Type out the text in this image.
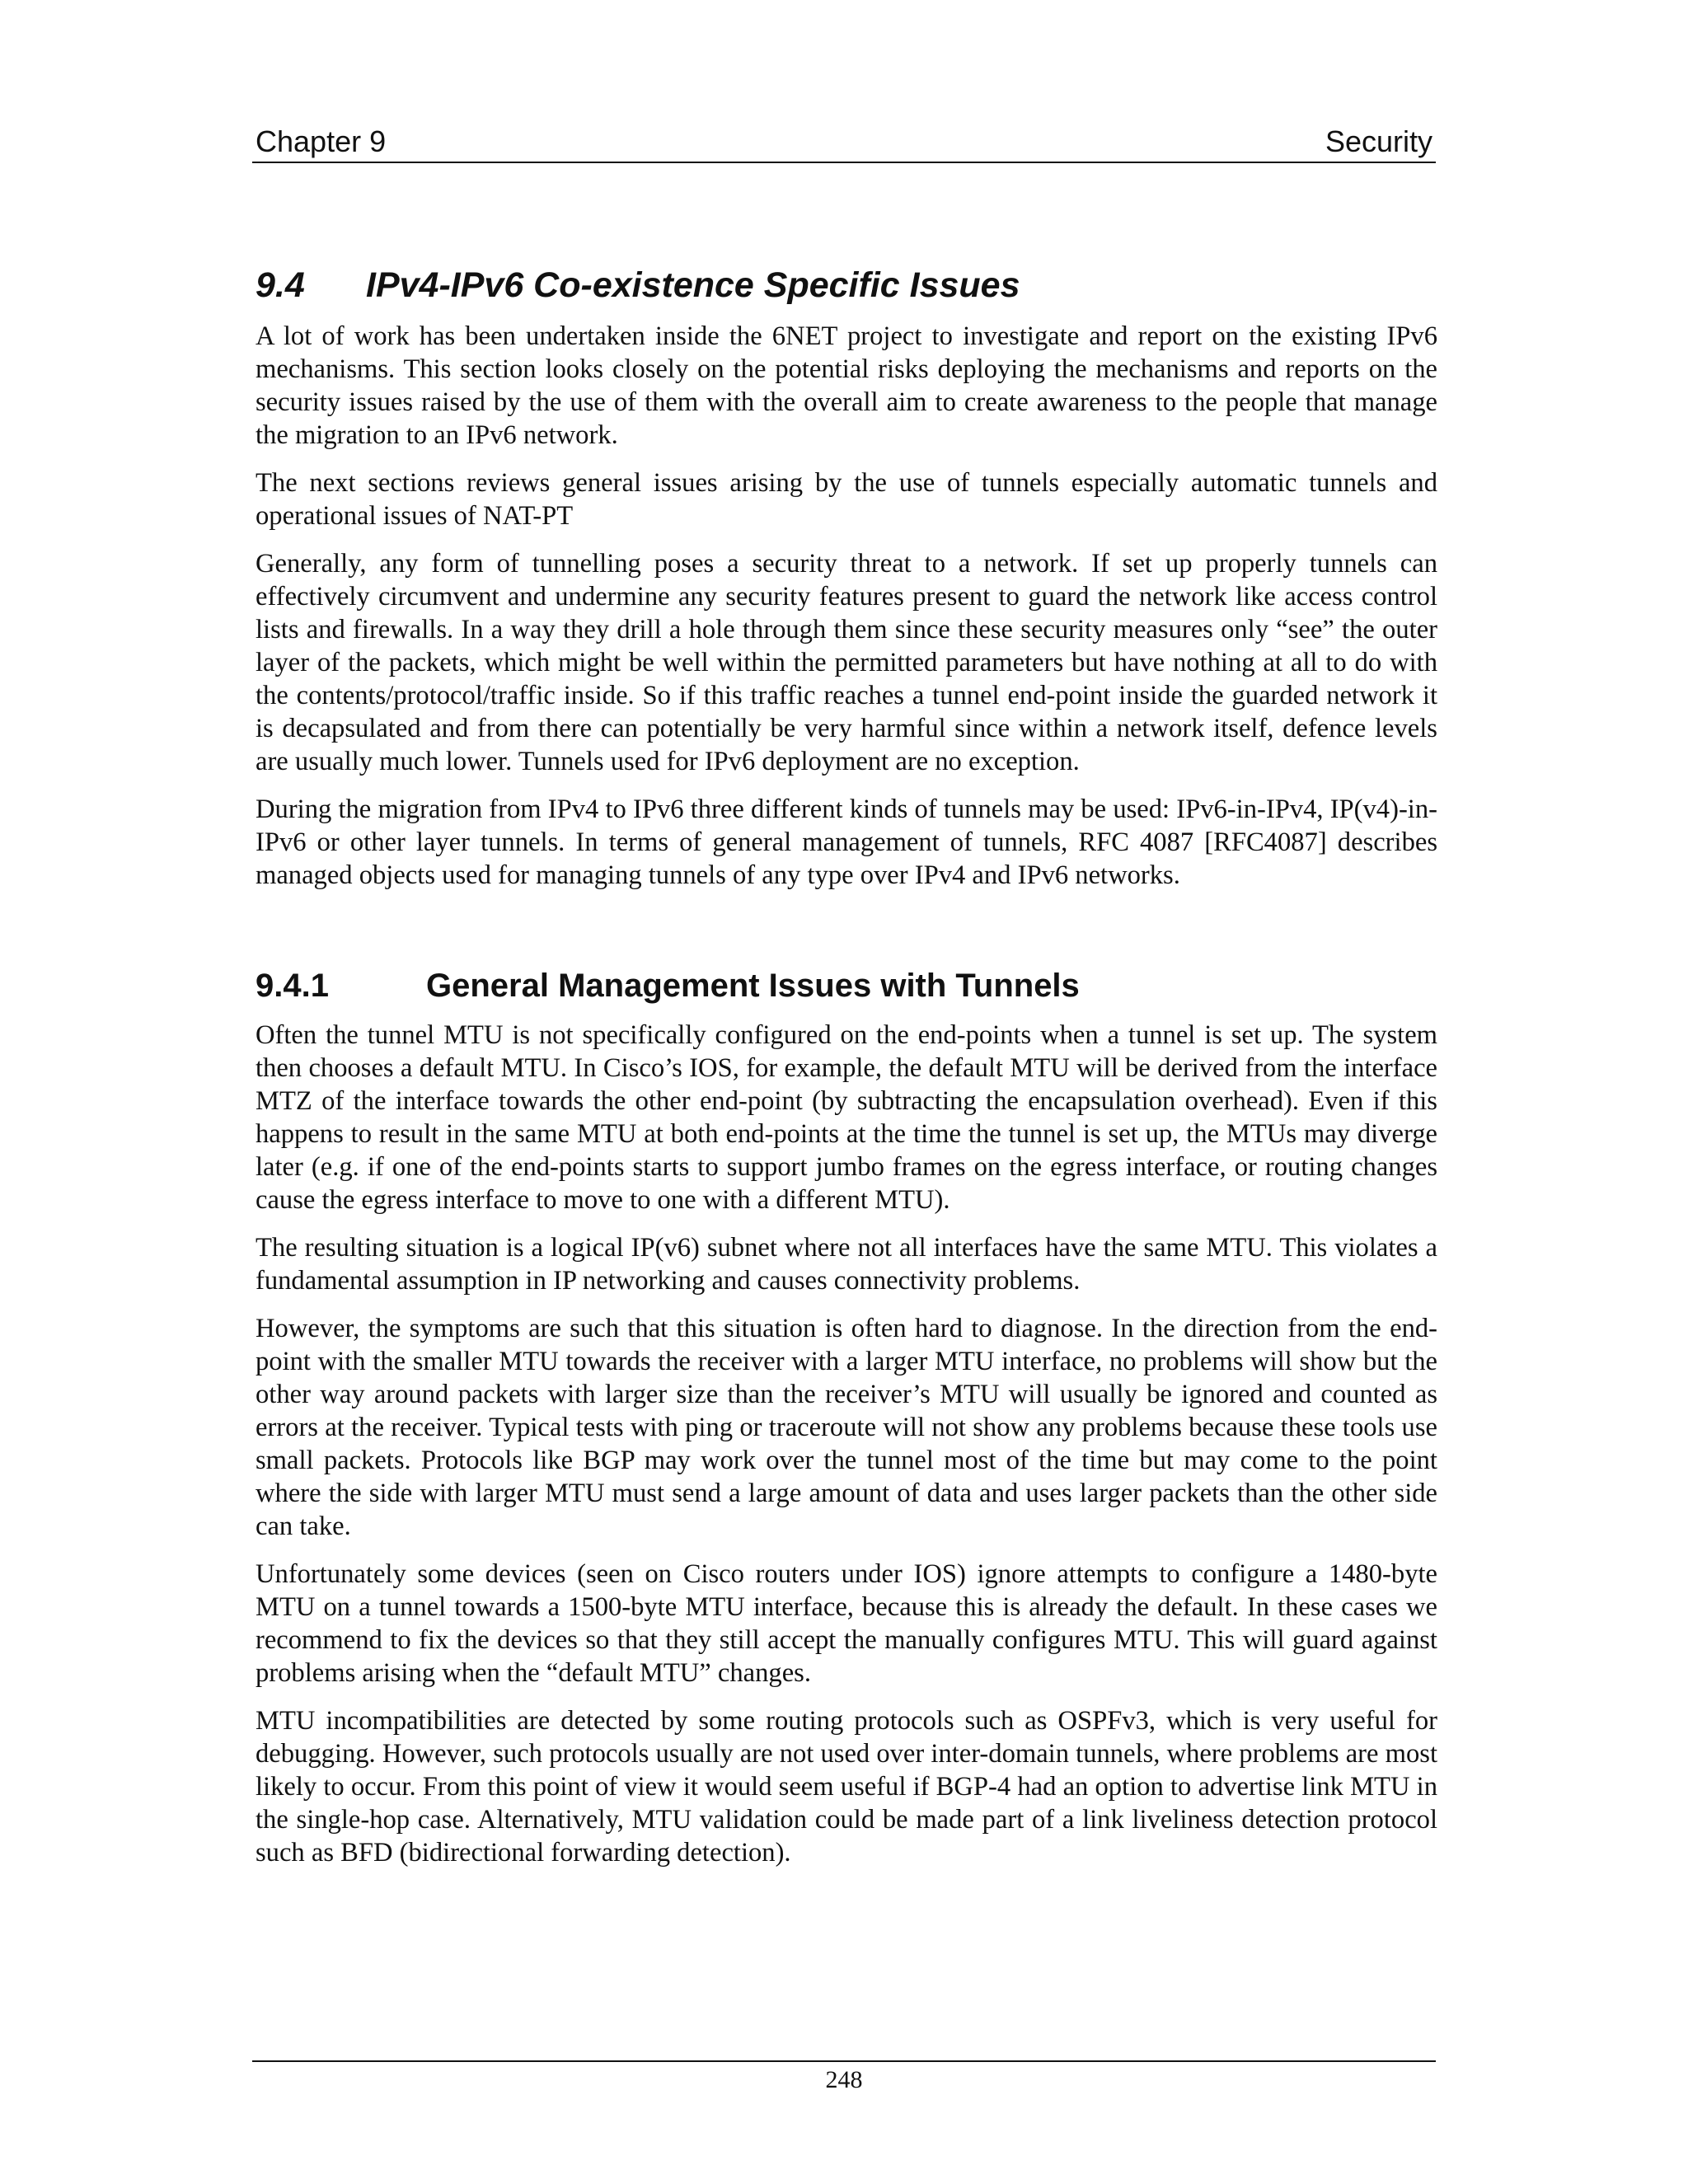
Chapter 9	Security
9.4 IPv4-IPv6 Co-existence Specific Issues

A lot of work has been undertaken inside the 6NET project to investigate and report on the existing IPv6 mechanisms. This section looks closely on the potential risks deploying the mechanisms and reports on the security issues raised by the use of them with the overall aim to create awareness to the people that manage the migration to an IPv6 network.

The next sections reviews general issues arising by the use of tunnels especially automatic tunnels and operational issues of NAT-PT

Generally, any form of tunnelling poses a security threat to a network. If set up properly tunnels can effectively circumvent and undermine any security features present to guard the network like access control lists and firewalls. In a way they drill a hole through them since these security measures only “see” the outer layer of the packets, which might be well within the permitted parameters but have nothing at all to do with the contents/protocol/traffic inside. So if this traffic reaches a tunnel end-point inside the guarded network it is decapsulated and from there can potentially be very harmful since within a network itself, defence levels are usually much lower. Tunnels used for IPv6 deployment are no exception.

During the migration from IPv4 to IPv6 three different kinds of tunnels may be used: IPv6-in-IPv4, IP(v4)-in-IPv6 or other layer tunnels. In terms of general management of tunnels, RFC 4087 [RFC4087] describes managed objects used for managing tunnels of any type over IPv4 and IPv6 networks.

9.4.1	General Management Issues with Tunnels

Often the tunnel MTU is not specifically configured on the end-points when a tunnel is set up. The system then chooses a default MTU. In Cisco’s IOS, for example, the default MTU will be derived from the interface MTZ of the interface towards the other end-point (by subtracting the encapsulation overhead). Even if this happens to result in the same MTU at both end-points at the time the tunnel is set up, the MTUs may diverge later (e.g. if one of the end-points starts to support jumbo frames on the egress interface, or routing changes cause the egress interface to move to one with a different MTU).

The resulting situation is a logical IP(v6) subnet where not all interfaces have the same MTU. This violates a fundamental assumption in IP networking and causes connectivity problems.

However, the symptoms are such that this situation is often hard to diagnose. In the direction from the end-point with the smaller MTU towards the receiver with a larger MTU interface, no problems will show but the other way around packets with larger size than the receiver’s MTU will usually be ignored and counted as errors at the receiver. Typical tests with ping or traceroute will not show any problems because these tools use small packets. Protocols like BGP may work over the tunnel most of the time but may come to the point where the side with larger MTU must send a large amount of data and uses larger packets than the other side can take.

Unfortunately some devices (seen on Cisco routers under IOS) ignore attempts to configure a 1480-byte MTU on a tunnel towards a 1500-byte MTU interface, because this is already the default. In these cases we recommend to fix the devices so that they still accept the manually configures MTU. This will guard against problems arising when the “default MTU” changes.

MTU incompatibilities are detected by some routing protocols such as OSPFv3, which is very useful for debugging. However, such protocols usually are not used over inter-domain tunnels, where problems are most likely to occur. From this point of view it would seem useful if BGP-4 had an option to advertise link MTU in the single-hop case. Alternatively, MTU validation could be made part of a link liveliness detection protocol such as BFD (bidirectional forwarding detection).

248
